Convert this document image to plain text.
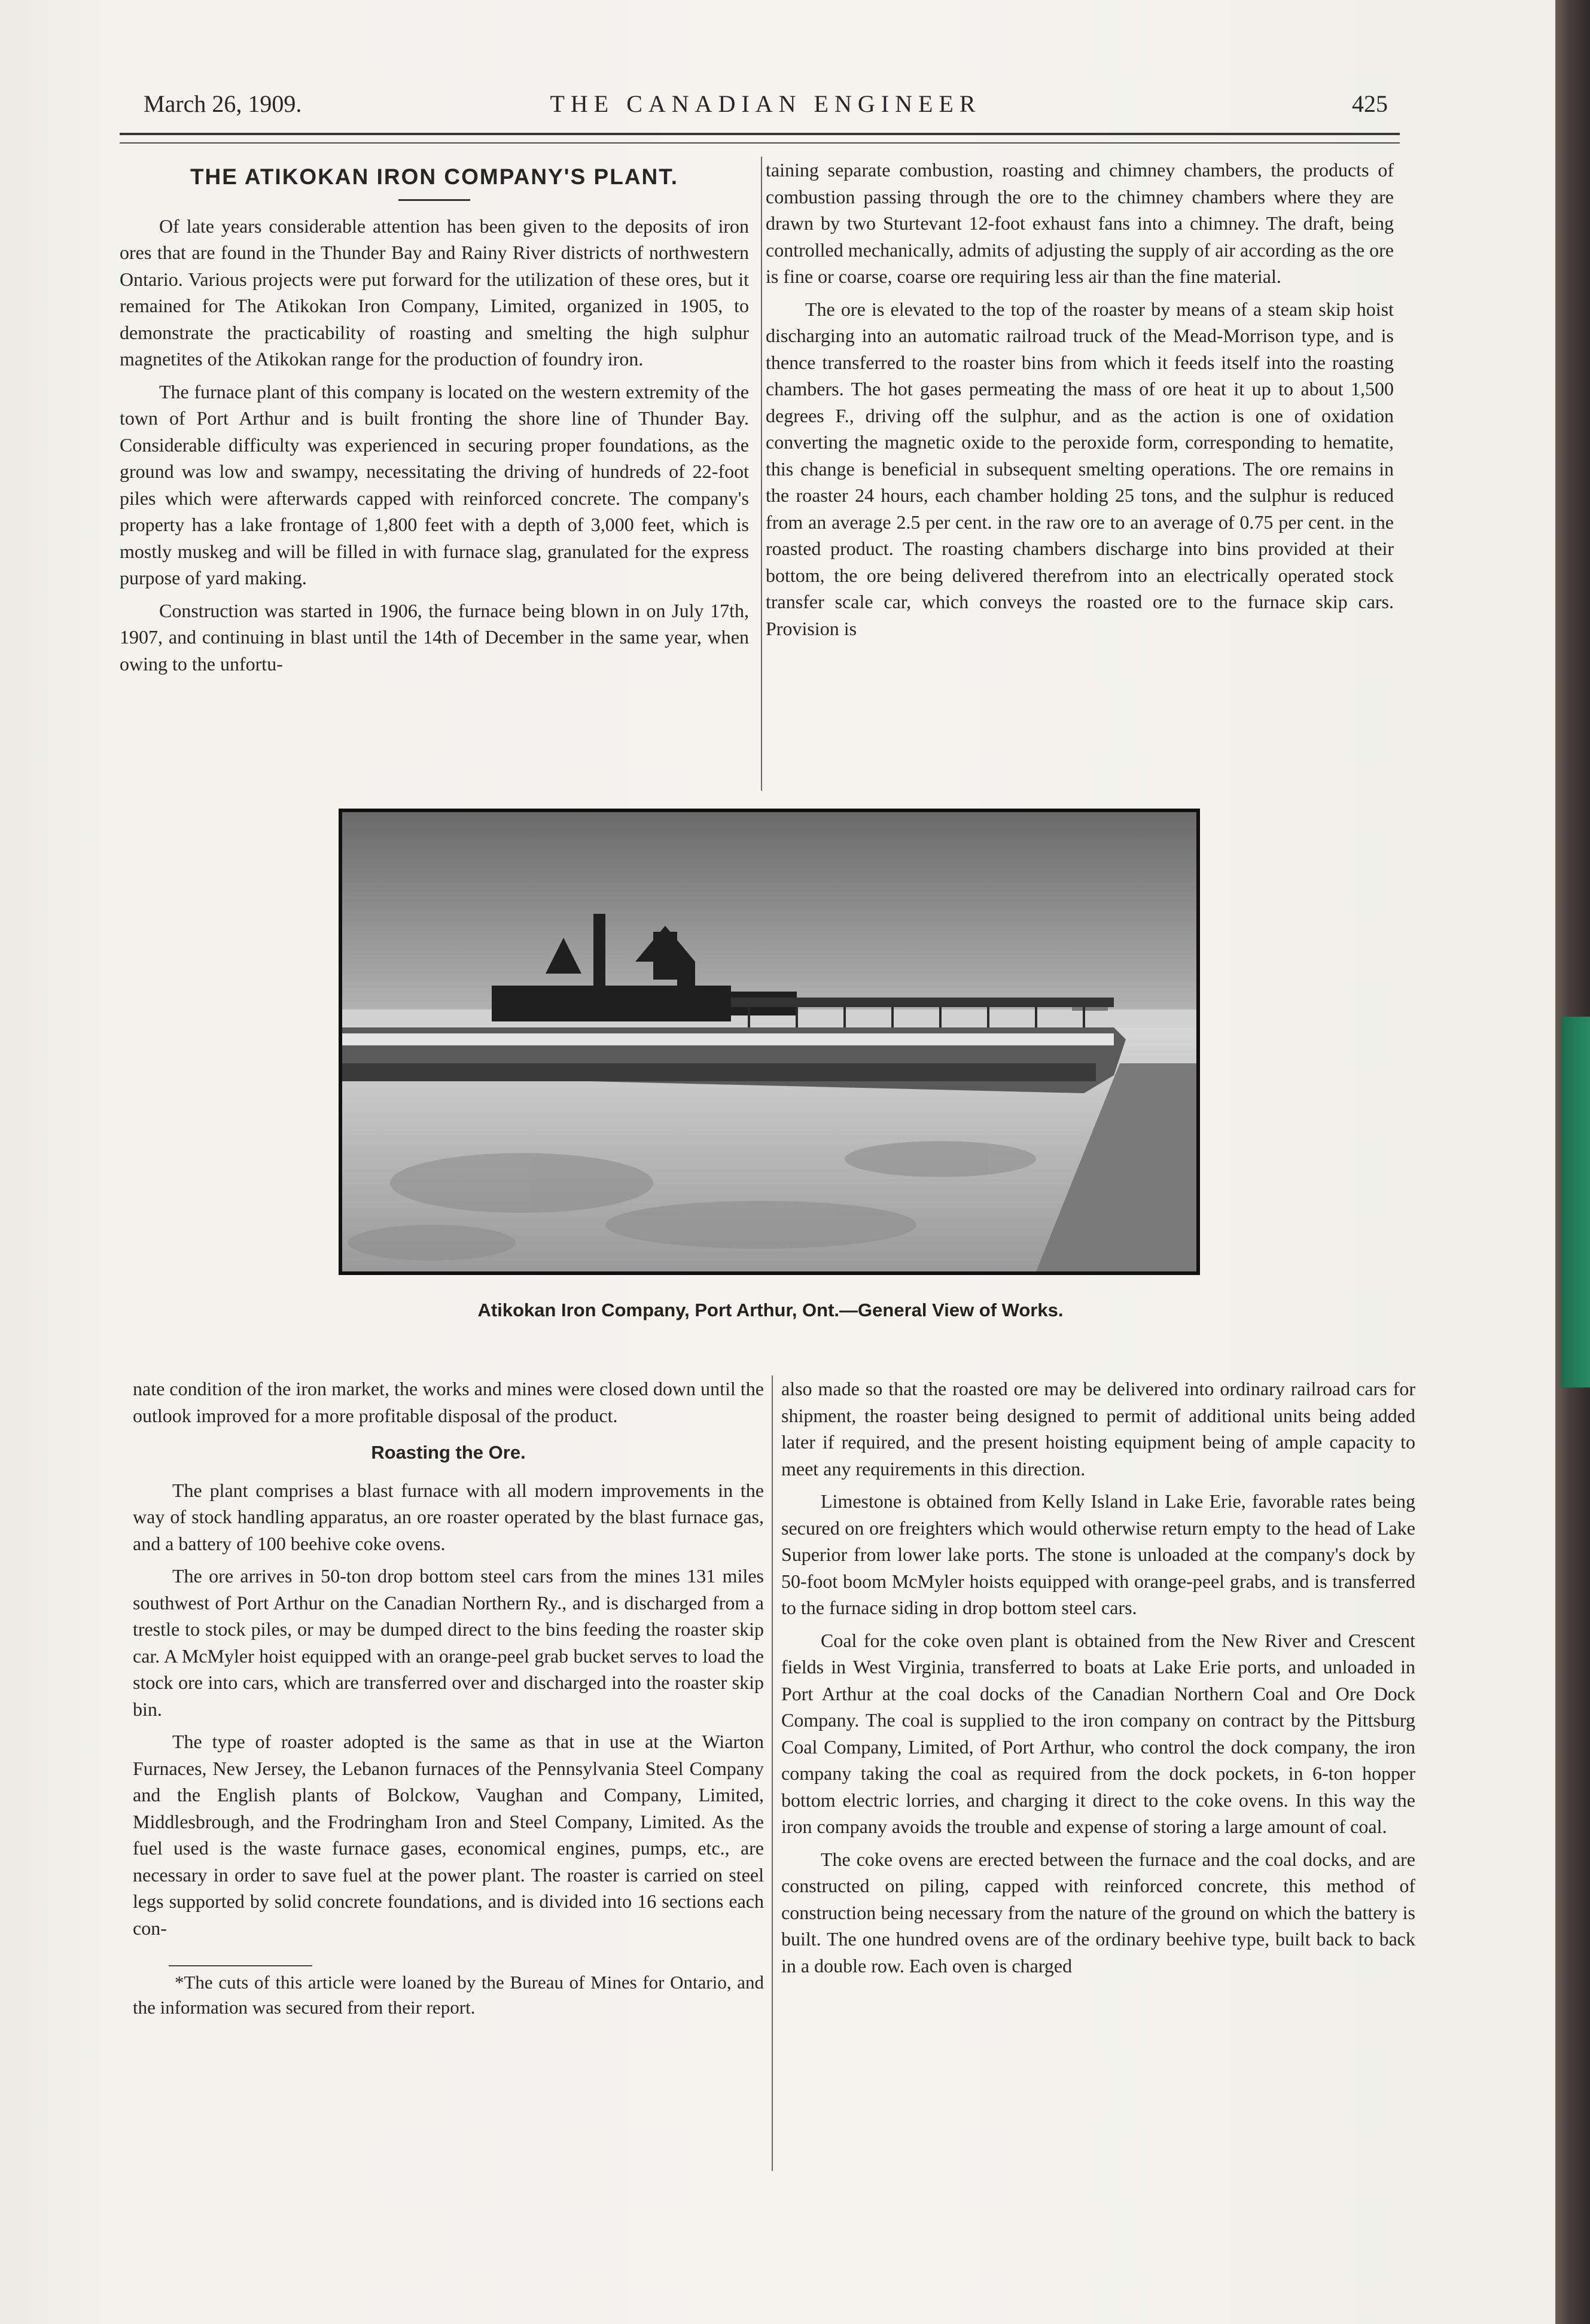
March 26, 1909.	THE CANADIAN ENGINEER	425
THE ATIKOKAN IRON COMPANY'S PLANT.

Of late years considerable attention has been given to the deposits of iron ores that are found in the Thunder Bay and Rainy River districts of northwestern Ontario. Various projects were put forward for the utilization of these ores, but it remained for The Atikokan Iron Company, Limited, organized in 1905, to demonstrate the practicability of roasting and smelting the high sulphur magnetites of the Atikokan range for the production of foundry iron.

The furnace plant of this company is located on the western extremity of the town of Port Arthur and is built fronting the shore line of Thunder Bay. Considerable difficulty was experienced in securing proper foundations, as the ground was low and swampy, necessitating the driving of hundreds of 22-foot piles which were afterwards capped with reinforced concrete. The company's property has a lake frontage of 1,800 feet with a depth of 3,000 feet, which is mostly muskeg and will be filled in with furnace slag, granulated for the express purpose of yard making.

Construction was started in 1906, the furnace being blown in on July 17th, 1907, and continuing in blast until the 14th of December in the same year, when owing to the unfortu-

taining separate combustion, roasting and chimney chambers, the products of combustion passing through the ore to the chimney chambers where they are drawn by two Sturtevant 12-foot exhaust fans into a chimney. The draft, being controlled mechanically, admits of adjusting the supply of air according as the ore is fine or coarse, coarse ore requiring less air than the fine material.

The ore is elevated to the top of the roaster by means of a steam skip hoist discharging into an automatic railroad truck of the Mead-Morrison type, and is thence transferred to the roaster bins from which it feeds itself into the roasting chambers. The hot gases permeating the mass of ore heat it up to about 1,500 degrees F., driving off the sulphur, and as the action is one of oxidation converting the magnetic oxide to the peroxide form, corresponding to hematite, this change is beneficial in subsequent smelting operations. The ore remains in the roaster 24 hours, each chamber holding 25 tons, and the sulphur is reduced from an average 2.5 per cent. in the raw ore to an average of 0.75 per cent. in the roasted product. The roasting chambers discharge into bins provided at their bottom, the ore being delivered therefrom into an electrically operated stock transfer scale car, which conveys the roasted ore to the furnace skip cars. Provision is

Atikokan Iron Company, Port Arthur, Ont.—General View of Works.

nate condition of the iron market, the works and mines were closed down until the outlook improved for a more profitable disposal of the product.

Roasting the Ore.

The plant comprises a blast furnace with all modern improvements in the way of stock handling apparatus, an ore roaster operated by the blast furnace gas, and a battery of 100 beehive coke ovens.

The ore arrives in 50-ton drop bottom steel cars from the mines 131 miles southwest of Port Arthur on the Canadian Northern Ry., and is discharged from a trestle to stock piles, or may be dumped direct to the bins feeding the roaster skip car. A McMyler hoist equipped with an orange-peel grab bucket serves to load the stock ore into cars, which are transferred over and discharged into the roaster skip bin.

The type of roaster adopted is the same as that in use at the Wiarton Furnaces, New Jersey, the Lebanon furnaces of the Pennsylvania Steel Company and the English plants of Bolckow, Vaughan and Company, Limited, Middlesbrough, and the Frodringham Iron and Steel Company, Limited. As the fuel used is the waste furnace gases, economical engines, pumps, etc., are necessary in order to save fuel at the power plant. The roaster is carried on steel legs supported by solid concrete foundations, and is divided into 16 sections each con-

*The cuts of this article were loaned by the Bureau of Mines for Ontario, and the information was secured from their report.

also made so that the roasted ore may be delivered into ordinary railroad cars for shipment, the roaster being designed to permit of additional units being added later if required, and the present hoisting equipment being of ample capacity to meet any requirements in this direction.

Limestone is obtained from Kelly Island in Lake Erie, favorable rates being secured on ore freighters which would otherwise return empty to the head of Lake Superior from lower lake ports. The stone is unloaded at the company's dock by 50-foot boom McMyler hoists equipped with orange-peel grabs, and is transferred to the furnace siding in drop bottom steel cars.

Coal for the coke oven plant is obtained from the New River and Crescent fields in West Virginia, transferred to boats at Lake Erie ports, and unloaded in Port Arthur at the coal docks of the Canadian Northern Coal and Ore Dock Company. The coal is supplied to the iron company on contract by the Pittsburg Coal Company, Limited, of Port Arthur, who control the dock company, the iron company taking the coal as required from the dock pockets, in 6-ton hopper bottom electric lorries, and charging it direct to the coke ovens. In this way the iron company avoids the trouble and expense of storing a large amount of coal.

The coke ovens are erected between the furnace and the coal docks, and are constructed on piling, capped with reinforced concrete, this method of construction being necessary from the nature of the ground on which the battery is built. The one hundred ovens are of the ordinary beehive type, built back to back in a double row. Each oven is charged
